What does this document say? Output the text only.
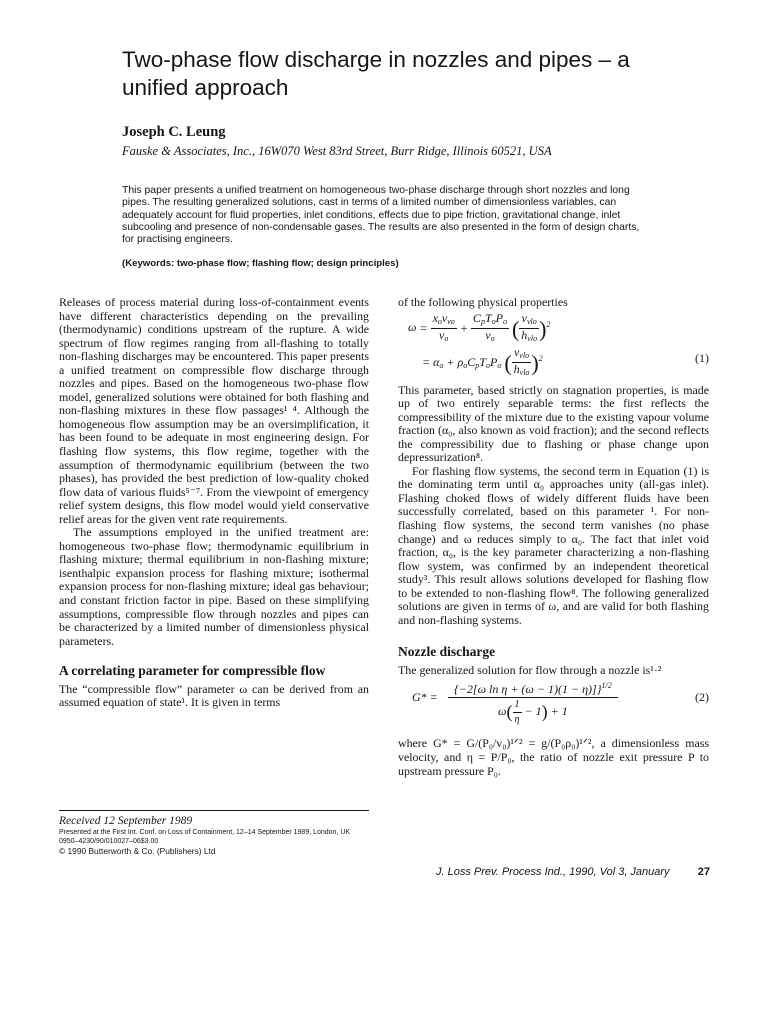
Two-phase flow discharge in nozzles and pipes – a unified approach

Joseph C. Leung

Fauske & Associates, Inc., 16W070 West 83rd Street, Burr Ridge, Illinois 60521, USA

This paper presents a unified treatment on homogeneous two-phase discharge through short nozzles and long pipes. The resulting generalized solutions, cast in terms of a limited number of dimensionless variables, can adequately account for fluid properties, inlet conditions, effects due to pipe friction, gravitational change, inlet subcooling and presence of non-condensable gases. The results are also presented in the form of design charts, for practising engineers.

(Keywords: two-phase flow; flashing flow; design principles)

Releases of process material during loss-of-containment events have different characteristics depending on the prevailing (thermodynamic) conditions upstream of the rupture. A wide spectrum of flow regimes ranging from all-flashing to totally non-flashing discharges may be encountered. This paper presents a unified treatment on compressible flow discharge through nozzles and pipes. Based on the homogeneous two-phase flow model, generalized solutions were obtained for both flashing and non-flashing mixtures in these flow passages¹ ⁴. Although the homogeneous flow assumption may be an oversimplification, it has been found to be adequate in most engineering design. For flashing flow systems, this flow regime, together with the assumption of thermodynamic equilibrium (between the two phases), has provided the best prediction of low-quality choked flow data of various fluids⁵⁻⁷. From the viewpoint of emergency relief system designs, this flow model would yield conservative relief areas for the given vent rate requirements.

The assumptions employed in the unified treatment are: homogeneous two-phase flow; thermodynamic equilibrium in flashing mixture; thermal equilibrium in non-flashing mixture; isenthalpic expansion process for flashing mixture; isothermal expansion process for non-flashing mixture; ideal gas behaviour; and constant friction factor in pipe. Based on these simplifying assumptions, compressible flow through nozzles and pipes can be characterized by a limited number of dimensionless physical parameters.

A correlating parameter for compressible flow

The “compressible flow” parameter ω can be derived from an assumed equation of state¹. It is given in terms

of the following physical properties

$\omega = \frac{x_ov_{vo}}{v_o} + \frac{C_pT_oP_o}{v_o}$ ( $\frac{v_{vlo}}{h_{vlo}} )^2$
= $\alpha_o + \rho_oC_pT_oP_o$ ( $\frac{v_{vlo}}{h_{vlo}} )^2$	(1)

This parameter, based strictly on stagnation properties, is made up of two entirely separable terms: the first reflects the compressibility of the mixture due to the existing vapour volume fraction (α₀, also known as void fraction); and the second reflects the compressibility due to flashing or phase change upon depressurization⁸.

For flashing flow systems, the second term in Equation (1) is the dominating term until α₀ approaches unity (all-gas inlet). Flashing choked flows of widely different fluids have been successfully correlated, based on this parameter ¹. For non-flashing flow systems, the second term vanishes (no phase change) and ω reduces simply to α₀. The fact that inlet void fraction, α₀, is the key parameter characterizing a non-flashing flow system, was confirmed by an independent theoretical study³. This result allows solutions developed for flashing flow to be extended to non-flashing flow⁸. The following generalized solutions are given in terms of ω, and are valid for both flashing and non-flashing systems.

Nozzle discharge

The generalized solution for flow through a nozzle is¹·²

$G* = \frac{\{-2[\omega \ln \eta + (\omega - 1)(1 - \eta)]\}^{1/2}}{\omega( \frac{1}{\eta} - 1) + 1}$	(2)

where G* = G/(P₀/v₀)¹ᐟ² = g/(P₀ρ₀)¹ᐟ², a dimensionless mass velocity, and η = P/P₀, the ratio of nozzle exit pressure P to upstream pressure P₀.

Received 12 September 1989

Presented at the First Int. Conf. on Loss of Containment, 12–14 September 1989, London, UK

0950–4230/90/010027–06$3.00

© 1990 Butterworth & Co. (Publishers) Ltd

J. Loss Prev. Process Ind., 1990, Vol 3, January	27
